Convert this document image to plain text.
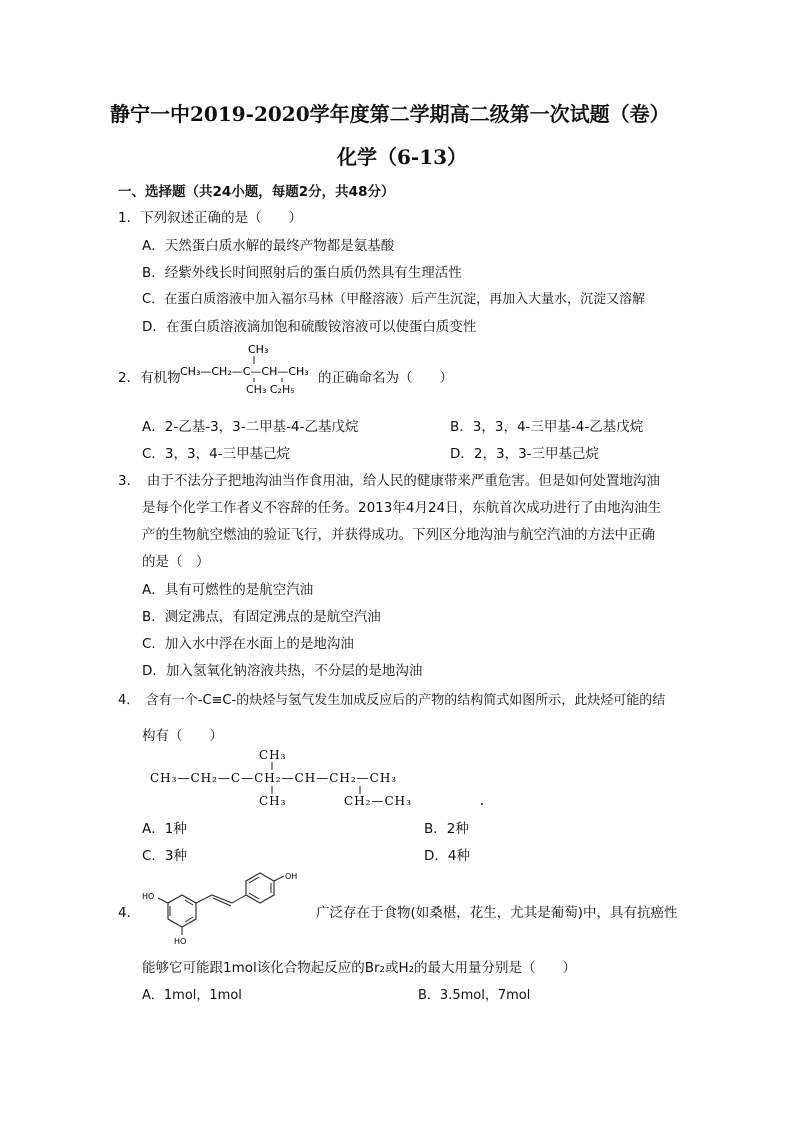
静宁一中2019-2020学年度第二学期高二级第一次试题（卷）
化学（6-13）
一、选择题（共24小题，每题2分，共48分）
1．下列叙述正确的是（　　）
A．天然蛋白质水解的最终产物都是氨基酸
B．经紫外线长时间照射后的蛋白质仍然具有生理活性
C．在蛋白质溶液中加入福尔马林（甲醛溶液）后产生沉淀，再加入大量水，沉淀又溶解
D．在蛋白质溶液滴加饱和硫酸铵溶液可以使蛋白质变性
2．有机物
CH₃
CH₃—CH₂—C—CH—CH₃
CH₃ C₂H₅
的正确命名为（　　）
A．2-乙基-3，3-二甲基-4-乙基戊烷	B．3，3，4-三甲基-4-乙基戊烷
C．3，3，4-三甲基己烷	D．2，3，3-三甲基己烷
3．　由于不法分子把地沟油当作食用油，给人民的健康带来严重危害。但是如何处置地沟油
是每个化学工作者义不容辞的任务。2013年4月24日，东航首次成功进行了由地沟油生
产的生物航空燃油的验证飞行，并获得成功。下列区分地沟油与航空汽油的方法中正确
的是（　）
A．具有可燃性的是航空汽油
B．测定沸点，有固定沸点的是航空汽油
C．加入水中浮在水面上的是地沟油
D．加入氢氧化钠溶液共热，不分层的是地沟油
4．　含有一个-C≡C-的炔烃与氢气发生加成反应后的产物的结构简式如图所示，此炔烃可能的结
构有（　　）
CH₃
CH₃—CH₂—C—CH₂—CH—CH₂—CH₃
CH₃	CH₂—CH₃
A．1种	B．2种
C．3种	D．4种
4．
HO
HO
OH
广泛存在于食物(如桑椹，花生，尤其是葡萄)中，具有抗癌性
能够它可能跟1mol该化合物起反应的Br₂或H₂的最大用量分别是（　　）
A．1mol，1mol	B．3.5mol，7mol
